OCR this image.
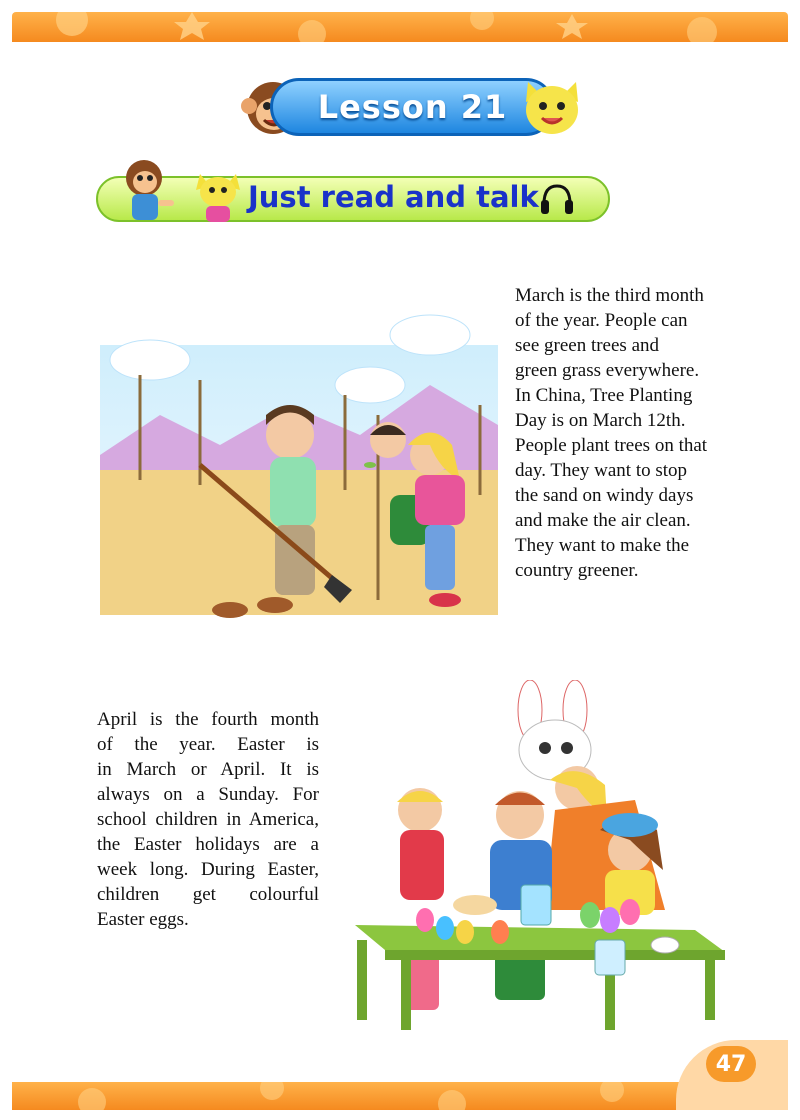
Lesson 21
Just read and talk
March is the third month
of the year. People can
see green trees and
green grass everywhere.
In China, Tree Planting
Day is on March 12th.
People plant trees on that
day. They want to stop
the sand on windy days
and make the air clean.
They want to make the
country greener.
April is the fourth month
of the year. Easter is
in March or April. It is
always on a Sunday. For
school children in America,
the Easter holidays are a
week long. During Easter,
children get colourful
Easter eggs.
47
